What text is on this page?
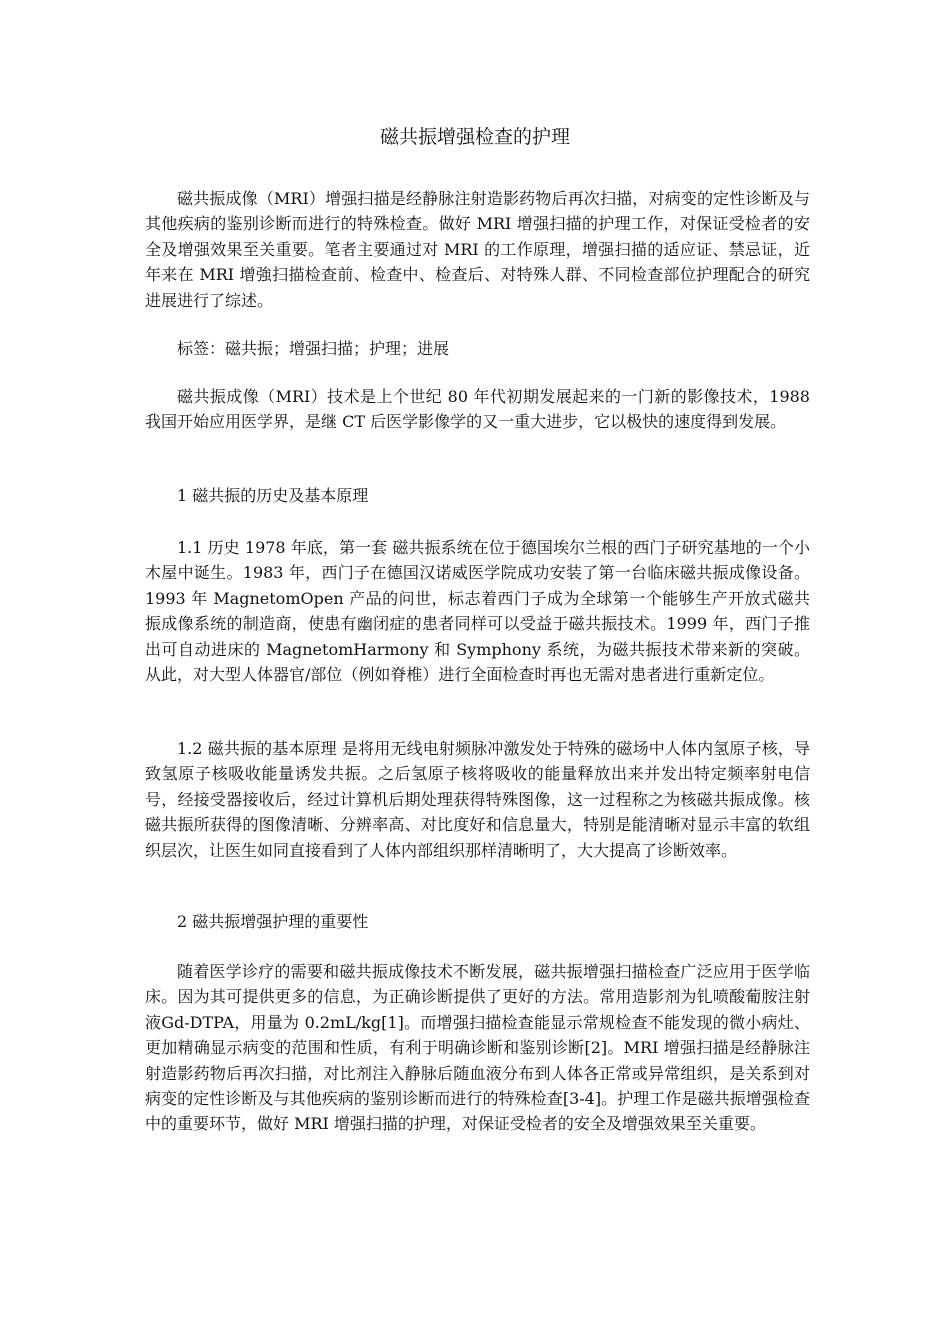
磁共振增强检查的护理

磁共振成像（MRI）增强扫描是经静脉注射造影药物后再次扫描，对病变的定性诊断及与其他疾病的鉴别诊断而进行的特殊检查。做好 MRI 增强扫描的护理工作，对保证受检者的安全及增强效果至关重要。笔者主要通过对 MRI 的工作原理，增强扫描的适应证、禁忌证，近年来在 MRI 增強扫描检查前、检查中、检查后、对特殊人群、不同检查部位护理配合的研究进展进行了综述。

标签：磁共振；增强扫描；护理；进展

磁共振成像（MRI）技术是上个世纪 80 年代初期发展起来的一门新的影像技术，1988 我国开始应用医学界，是继 CT 后医学影像学的又一重大进步，它以极快的速度得到发展。

1 磁共振的历史及基本原理

1.1 历史 1978 年底，第一套 磁共振系统在位于德国埃尔兰根的西门子研究基地的一个小木屋中诞生。1983 年，西门子在德国汉诺威医学院成功安装了第一台临床磁共振成像设备。1993 年 MagnetomOpen 产品的问世，标志着西门子成为全球第一个能够生产开放式磁共振成像系统的制造商，使患有幽闭症的患者同样可以受益于磁共振技术。1999 年，西门子推出可自动进床的 MagnetomHarmony 和 Symphony 系统，为磁共振技术带来新的突破。从此，对大型人体器官/部位（例如脊椎）进行全面检查时再也无需对患者进行重新定位。

1.2 磁共振的基本原理 是将用无线电射频脉冲激发处于特殊的磁场中人体内氢原子核，导致氢原子核吸收能量诱发共振。之后氢原子核将吸收的能量释放出来并发出特定频率射电信号，经接受器接收后，经过计算机后期处理获得特殊图像，这一过程称之为核磁共振成像。核磁共振所获得的图像清晰、分辨率高、对比度好和信息量大，特别是能清晰对显示丰富的软组织层次，让医生如同直接看到了人体内部组织那样清晰明了，大大提高了诊断效率。

2 磁共振增强护理的重要性

随着医学诊疗的需要和磁共振成像技术不断发展，磁共振增强扫描检查广泛应用于医学临床。因为其可提供更多的信息，为正确诊断提供了更好的方法。常用造影剂为钆喷酸葡胺注射液Gd-DTPA，用量为 0.2mL/kg[1]。而增强扫描检查能显示常规检查不能发现的微小病灶、更加精确显示病变的范围和性质，有利于明确诊断和鉴别诊断[2]。MRI 增强扫描是经静脉注射造影药物后再次扫描，对比剂注入静脉后随血液分布到人体各正常或异常组织，是关系到对病变的定性诊断及与其他疾病的鉴别诊断而进行的特殊检查[3-4]。护理工作是磁共振增强检查中的重要环节，做好 MRI 增强扫描的护理，对保证受检者的安全及增强效果至关重要。
